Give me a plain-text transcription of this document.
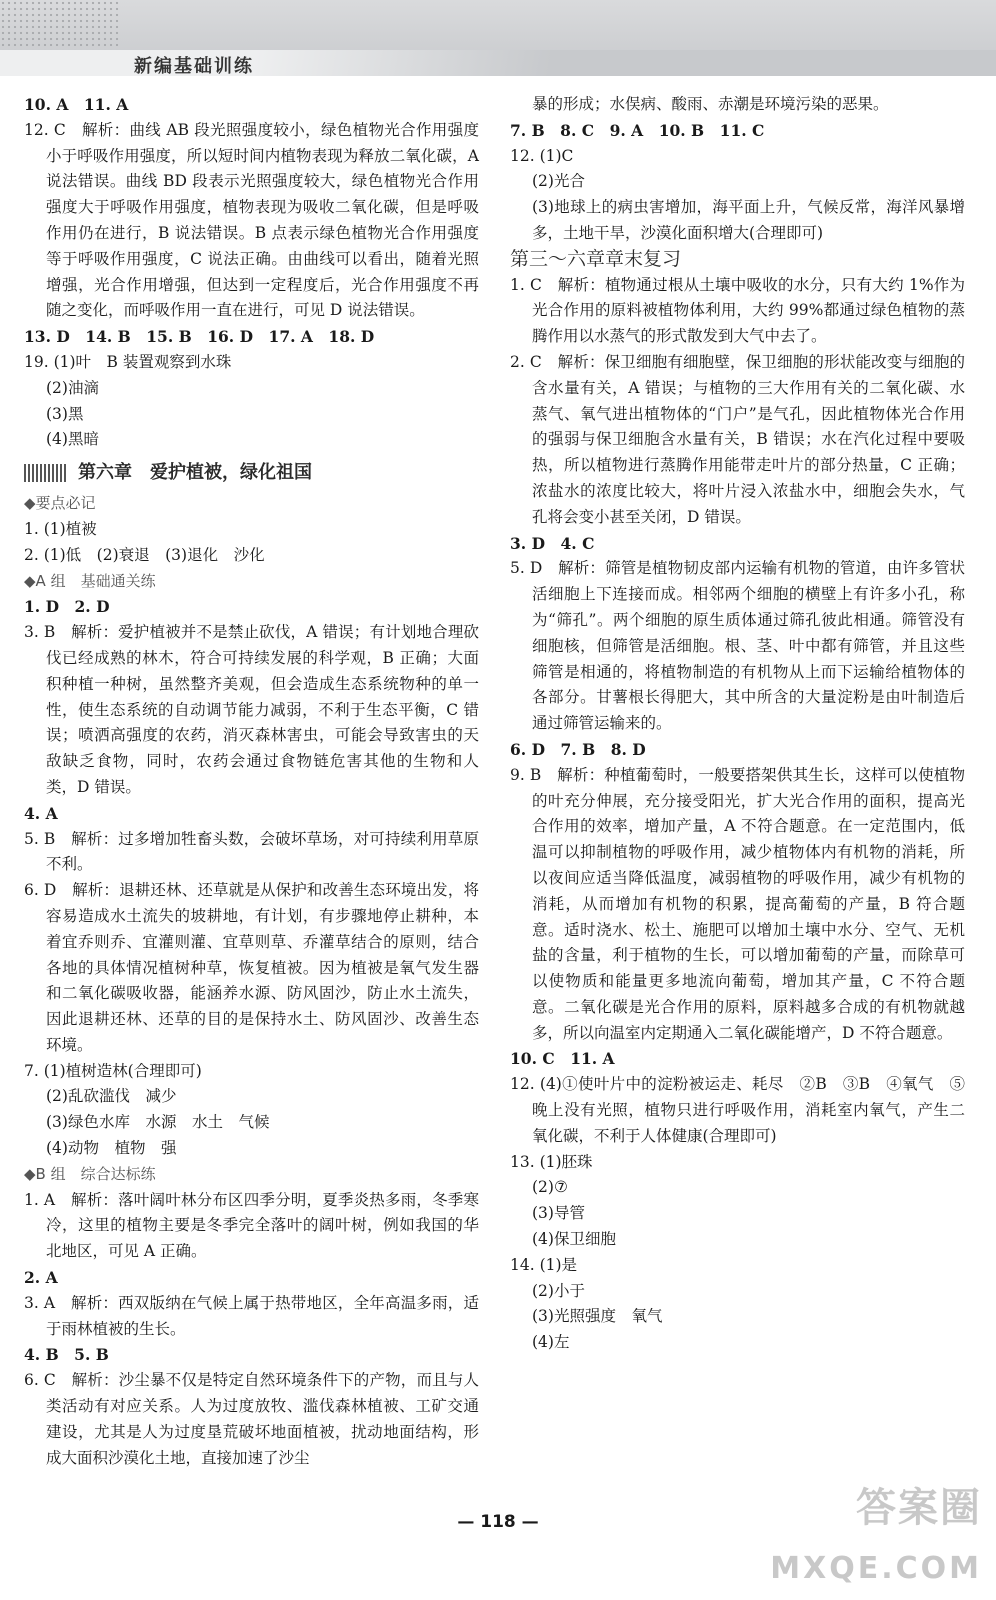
新编基础训练

10. A　11. A

12. C　解析：曲线 AB 段光照强度较小，绿色植物光合作用强度小于呼吸作用强度，所以短时间内植物表现为释放二氧化碳，A 说法错误。曲线 BD 段表示光照强度较大，绿色植物光合作用强度大于呼吸作用强度，植物表现为吸收二氧化碳，但是呼吸作用仍在进行，B 说法错误。B 点表示绿色植物光合作用强度等于呼吸作用强度，C 说法正确。由曲线可以看出，随着光照增强，光合作用增强，但达到一定程度后，光合作用强度不再随之变化，而呼吸作用一直在进行，可见 D 说法错误。

13. D　14. B　15. B　16. D　17. A　18. D

19. (1)叶　B 装置观察到水珠

(2)油滴

(3)黑

(4)黑暗

第六章　爱护植被，绿化祖国

◆要点必记

1. (1)植被

2. (1)低　(2)衰退　(3)退化　沙化

◆A 组　基础通关练

1. D　2. D

3. B　解析：爱护植被并不是禁止砍伐，A 错误；有计划地合理砍伐已经成熟的林木，符合可持续发展的科学观，B 正确；大面积种植一种树，虽然整齐美观，但会造成生态系统物种的单一性，使生态系统的自动调节能力减弱，不利于生态平衡，C 错误；喷洒高强度的农药，消灭森林害虫，可能会导致害虫的天敌缺乏食物，同时，农药会通过食物链危害其他的生物和人类，D 错误。

4. A

5. B　解析：过多增加牲畜头数，会破坏草场，对可持续利用草原不利。

6. D　解析：退耕还林、还草就是从保护和改善生态环境出发，将容易造成水土流失的坡耕地，有计划，有步骤地停止耕种，本着宜乔则乔、宜灌则灌、宜草则草、乔灌草结合的原则，结合各地的具体情况植树种草，恢复植被。因为植被是氧气发生器和二氧化碳吸收器，能涵养水源、防风固沙，防止水土流失，因此退耕还林、还草的目的是保持水土、防风固沙、改善生态环境。

7. (1)植树造林(合理即可)

(2)乱砍滥伐　减少

(3)绿色水库　水源　水土　气候

(4)动物　植物　强

◆B 组　综合达标练

1. A　解析：落叶阔叶林分布区四季分明，夏季炎热多雨，冬季寒冷，这里的植物主要是冬季完全落叶的阔叶树，例如我国的华北地区，可见 A 正确。

2. A

3. A　解析：西双版纳在气候上属于热带地区，全年高温多雨，适于雨林植被的生长。

4. B　5. B

6. C　解析：沙尘暴不仅是特定自然环境条件下的产物，而且与人类活动有对应关系。人为过度放牧、滥伐森林植被、工矿交通建设，尤其是人为过度垦荒破坏地面植被，扰动地面结构，形成大面积沙漠化土地，直接加速了沙尘

暴的形成；水俣病、酸雨、赤潮是环境污染的恶果。

7. B　8. C　9. A　10. B　11. C

12. (1)C

(2)光合

(3)地球上的病虫害增加，海平面上升，气候反常，海洋风暴增多，土地干旱，沙漠化面积增大(合理即可)

第三～六章章末复习

1. C　解析：植物通过根从土壤中吸收的水分，只有大约 1%作为光合作用的原料被植物体利用，大约 99%都通过绿色植物的蒸腾作用以水蒸气的形式散发到大气中去了。

2. C　解析：保卫细胞有细胞壁，保卫细胞的形状能改变与细胞的含水量有关，A 错误；与植物的三大作用有关的二氧化碳、水蒸气、氧气进出植物体的“门户”是气孔，因此植物体光合作用的强弱与保卫细胞含水量有关，B 错误；水在汽化过程中要吸热，所以植物进行蒸腾作用能带走叶片的部分热量，C 正确；浓盐水的浓度比较大，将叶片浸入浓盐水中，细胞会失水，气孔将会变小甚至关闭，D 错误。

3. D　4. C

5. D　解析：筛管是植物韧皮部内运输有机物的管道，由许多管状活细胞上下连接而成。相邻两个细胞的横壁上有许多小孔，称为“筛孔”。两个细胞的原生质体通过筛孔彼此相通。筛管没有细胞核，但筛管是活细胞。根、茎、叶中都有筛管，并且这些筛管是相通的，将植物制造的有机物从上而下运输给植物体的各部分。甘薯根长得肥大，其中所含的大量淀粉是由叶制造后通过筛管运输来的。

6. D　7. B　8. D

9. B　解析：种植葡萄时，一般要搭架供其生长，这样可以使植物的叶充分伸展，充分接受阳光，扩大光合作用的面积，提高光合作用的效率，增加产量，A 不符合题意。在一定范围内，低温可以抑制植物的呼吸作用，减少植物体内有机物的消耗，所以夜间应适当降低温度，减弱植物的呼吸作用，减少有机物的消耗，从而增加有机物的积累，提高葡萄的产量，B 符合题意。适时浇水、松土、施肥可以增加土壤中水分、空气、无机盐的含量，利于植物的生长，可以增加葡萄的产量，而除草可以使物质和能量更多地流向葡萄，增加其产量，C 不符合题意。二氧化碳是光合作用的原料，原料越多合成的有机物就越多，所以向温室内定期通入二氧化碳能增产，D 不符合题意。

10. C　11. A

12. (4)①使叶片中的淀粉被运走、耗尽　②B　③B　④氧气　⑤晚上没有光照，植物只进行呼吸作用，消耗室内氧气，产生二氧化碳，不利于人体健康(合理即可)

13. (1)胚珠

(2)⑦

(3)导管

(4)保卫细胞

14. (1)是

(2)小于

(3)光照强度　氧气

(4)左

— 118 —	答案圈
MXQE.COM
